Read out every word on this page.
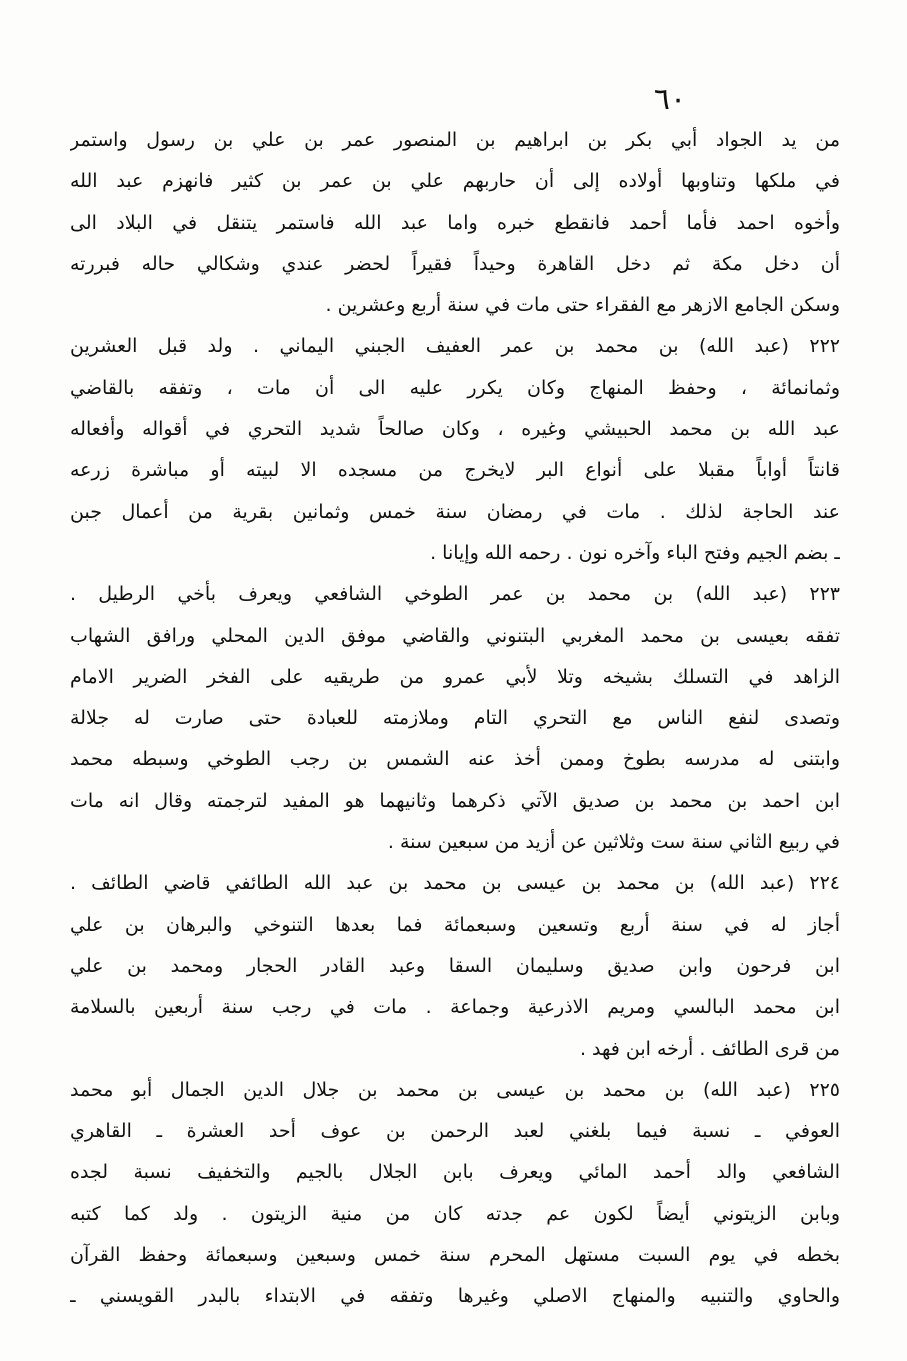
٦٠
من يد الجواد أبي بكر بن ابراهيم بن المنصور عمر بن علي بن رسول واستمر
في ملكها وتناوبها أولاده إلى أن حاربهم علي بن عمر بن كثير فانهزم عبد الله
وأخوه احمد فأما أحمد فانقطع خبره واما عبد الله فاستمر يتنقل في البلاد الى
أن دخل مكة ثم دخل القاهرة وحيداً فقيراً لحضر عندي وشكالي حاله فبررته
وسكن الجامع الازهر مع الفقراء حتى مات في سنة أربع وعشرين .
٢٢٢ (عبد الله) بن محمد بن عمر العفيف الجبني اليماني . ولد قبل العشرين
وثمانمائة ، وحفظ المنهاج وكان يكرر عليه الى أن مات ، وتفقه بالقاضي
عبد الله بن محمد الحبيشي وغيره ، وكان صالحاً شديد التحري في أقواله وأفعاله
قانتاً أواباً مقبلا على أنواع البر لايخرج من مسجده الا لبيته أو مباشرة زرعه
عند الحاجة لذلك . مات في رمضان سنة خمس وثمانين بقرية من أعمال جبن
ـ بضم الجيم وفتح الباء وآخره نون . رحمه الله وإيانا .
٢٢٣ (عبد الله) بن محمد بن عمر الطوخي الشافعي ويعرف بأخي الرطيل .
تفقه بعيسى بن محمد المغربي البتنوني والقاضي موفق الدين المحلي ورافق الشهاب
الزاهد في التسلك بشيخه وتلا لأبي عمرو من طريقيه على الفخر الضرير الامام
وتصدى لنفع الناس مع التحري التام وملازمته للعبادة حتى صارت له جلالة
وابتنى له مدرسه بطوخ وممن أخذ عنه الشمس بن رجب الطوخي وسبطه محمد
ابن احمد بن محمد بن صديق الآتي ذكرهما وثانيهما هو المفيد لترجمته وقال انه مات
في ربيع الثاني سنة ست وثلاثين عن أزيد من سبعين سنة .
٢٢٤ (عبد الله) بن محمد بن عيسى بن محمد بن عبد الله الطائفي قاضي الطائف .
أجاز له في سنة أربع وتسعين وسبعمائة فما بعدها التنوخي والبرهان بن علي
ابن فرحون وابن صديق وسليمان السقا وعبد القادر الحجار ومحمد بن علي
ابن محمد البالسي ومريم الاذرعية وجماعة . مات في رجب سنة أربعين بالسلامة
من قرى الطائف . أرخه ابن فهد .
٢٢٥ (عبد الله) بن محمد بن عيسى بن محمد بن جلال الدين الجمال أبو محمد
العوفي ـ نسبة فيما بلغني لعبد الرحمن بن عوف أحد العشرة ـ القاهري
الشافعي والد أحمد المائي ويعرف بابن الجلال بالجيم والتخفيف نسبة لجده
وبابن الزيتوني أيضاً لكون عم جدته كان من منية الزيتون . ولد كما كتبه
بخطه في يوم السبت مستهل المحرم سنة خمس وسبعين وسبعمائة وحفظ القرآن
والحاوي والتنبيه والمنهاج الاصلي وغيرها وتفقه في الابتداء بالبدر القويسني ـ
